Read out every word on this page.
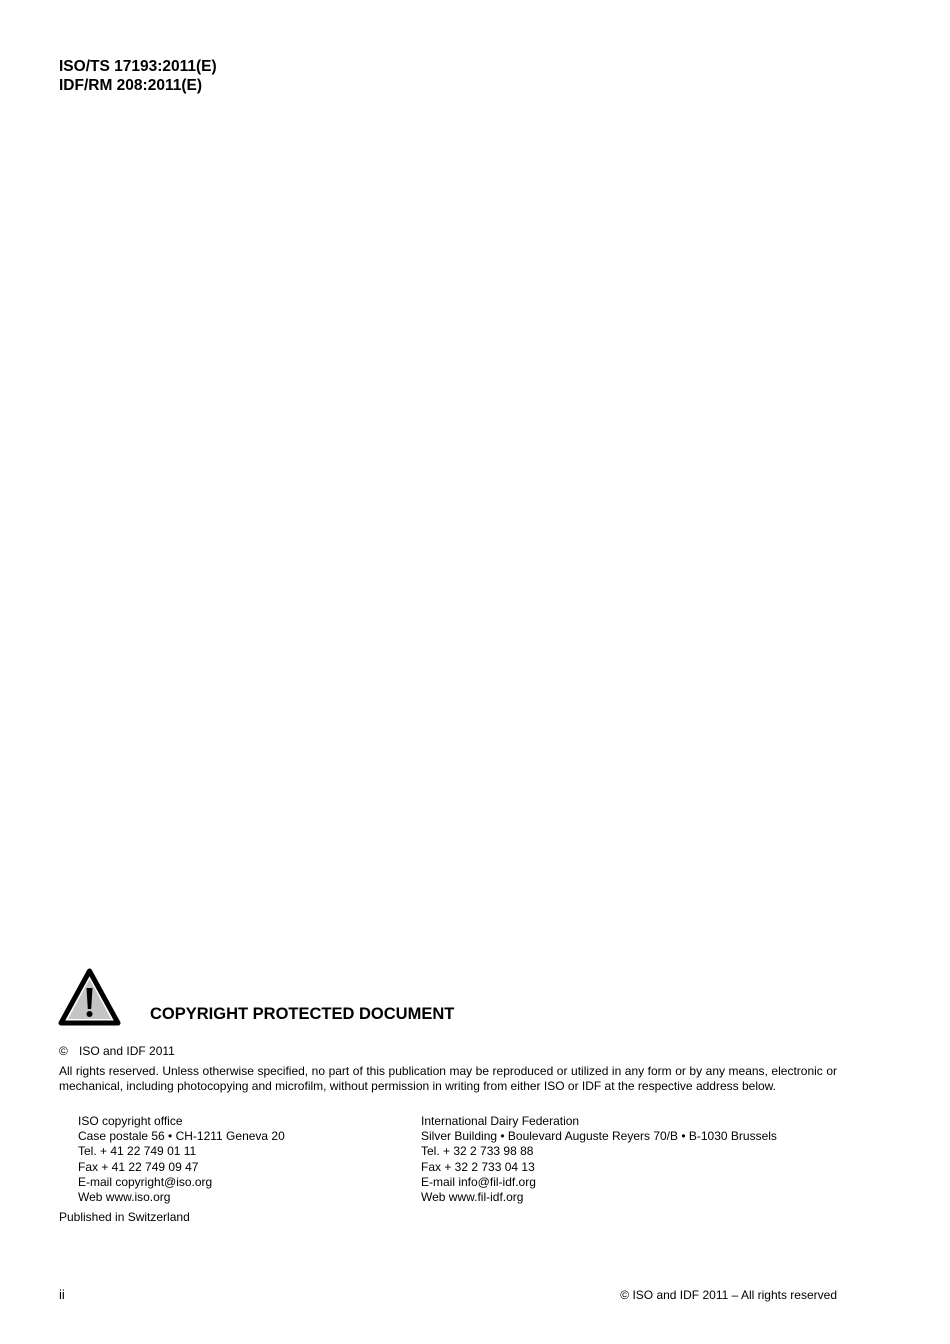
ISO/TS 17193:2011(E)
IDF/RM 208:2011(E)
COPYRIGHT PROTECTED DOCUMENT
© ISO and IDF 2011
All rights reserved. Unless otherwise specified, no part of this publication may be reproduced or utilized in any form or by any means, electronic or mechanical, including photocopying and microfilm, without permission in writing from either ISO or IDF at the respective address below.
ISO copyright office
Case postale 56 • CH-1211 Geneva 20
Tel. + 41 22 749 01 11
Fax + 41 22 749 09 47
E-mail copyright@iso.org
Web www.iso.org
International Dairy Federation
Silver Building • Boulevard Auguste Reyers 70/B • B-1030 Brussels
Tel. + 32 2 733 98 88
Fax + 32 2 733 04 13
E-mail info@fil-idf.org
Web www.fil-idf.org
Published in Switzerland
ii	© ISO and IDF 2011 – All rights reserved
